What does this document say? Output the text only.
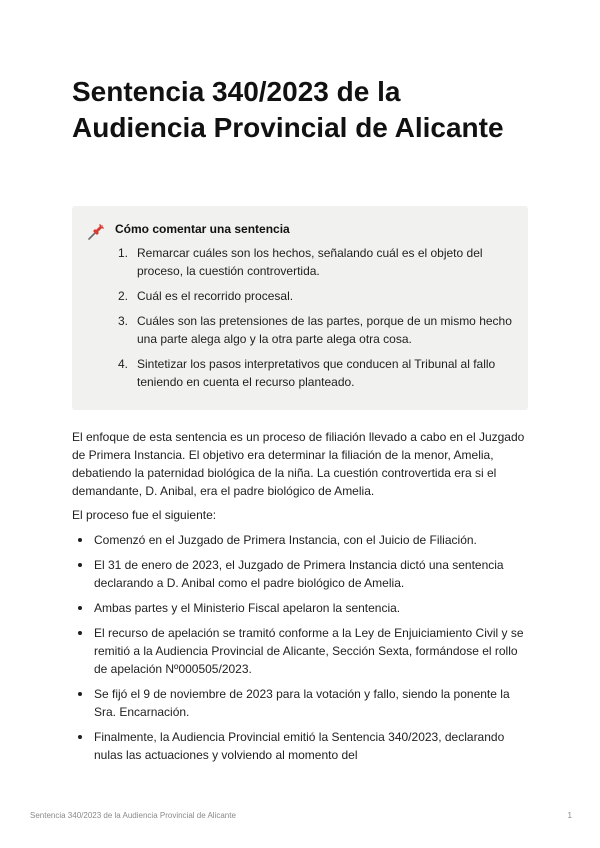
Sentencia 340/2023 de la Audiencia Provincial de Alicante
Cómo comentar una sentencia
1. Remarcar cuáles son los hechos, señalando cuál es el objeto del proceso, la cuestión controvertida.
2. Cuál es el recorrido procesal.
3. Cuáles son las pretensiones de las partes, porque de un mismo hecho una parte alega algo y la otra parte alega otra cosa.
4. Sintetizar los pasos interpretativos que conducen al Tribunal al fallo teniendo en cuenta el recurso planteado.

El enfoque de esta sentencia es un proceso de filiación llevado a cabo en el Juzgado de Primera Instancia. El objetivo era determinar la filiación de la menor, Amelia, debatiendo la paternidad biológica de la niña. La cuestión controvertida era si el demandante, D. Anibal, era el padre biológico de Amelia.

El proceso fue el siguiente:

Comenzó en el Juzgado de Primera Instancia, con el Juicio de Filiación.
El 31 de enero de 2023, el Juzgado de Primera Instancia dictó una sentencia declarando a D. Anibal como el padre biológico de Amelia.
Ambas partes y el Ministerio Fiscal apelaron la sentencia.
El recurso de apelación se tramitó conforme a la Ley de Enjuiciamiento Civil y se remitió a la Audiencia Provincial de Alicante, Sección Sexta, formándose el rollo de apelación Nº000505/2023.
Se fijó el 9 de noviembre de 2023 para la votación y fallo, siendo la ponente la Sra. Encarnación.
Finalmente, la Audiencia Provincial emitió la Sentencia 340/2023, declarando nulas las actuaciones y volviendo al momento del
Sentencia 340/2023 de la Audiencia Provincial de Alicante	1
